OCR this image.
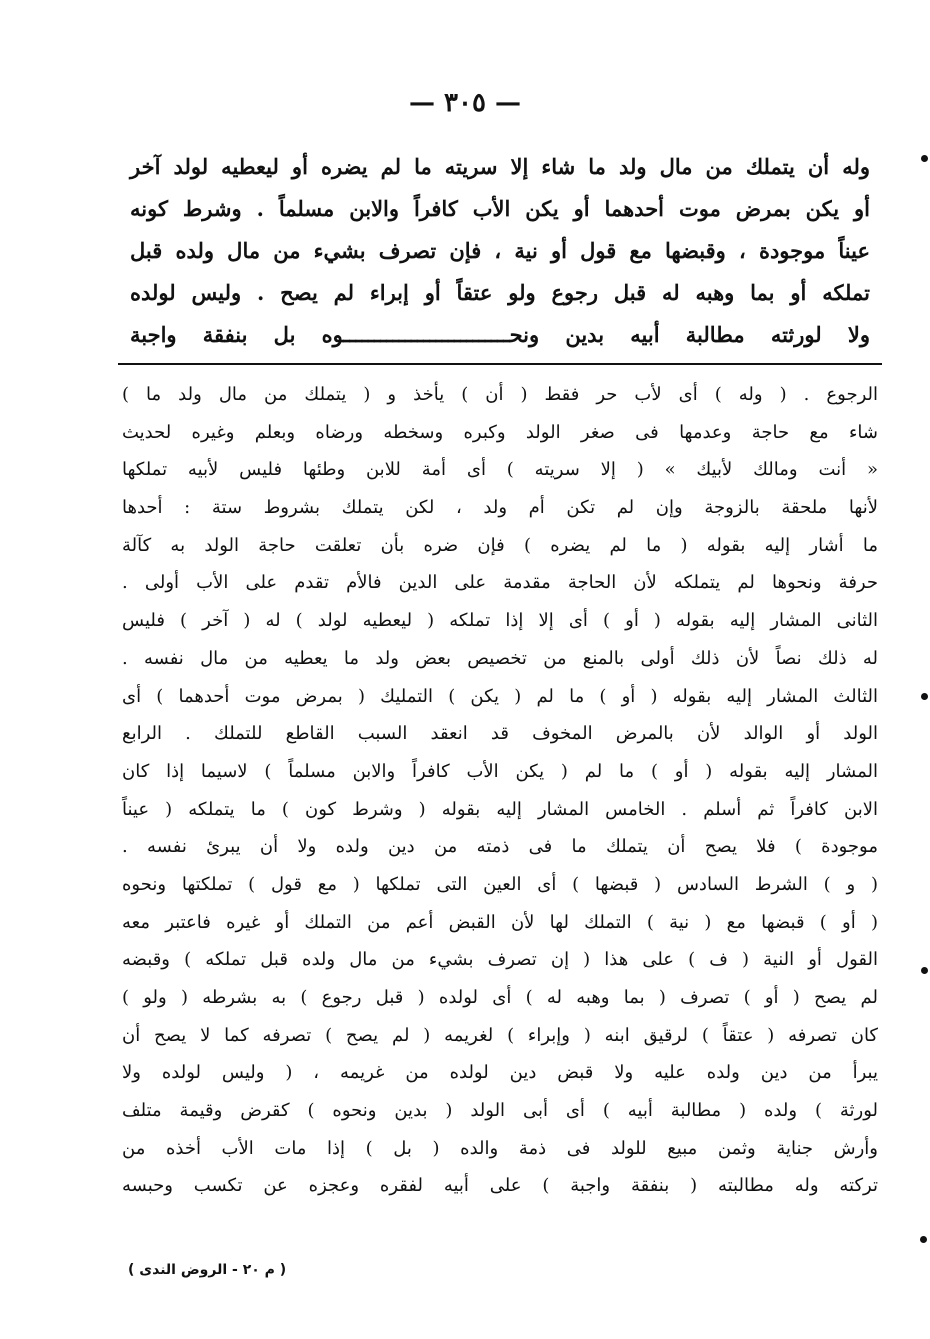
— ٣٠٥ —
وله أن يتملك من مال ولد ما شاء إلا سريته ما لم يضره أو ليعطيه لولد آخر
أو يكن بمرض موت أحدهما أو يكن الأب كافراً والابن مسلماً . وشرط كونه
عيناً موجودة ، وقبضها مع قول أو نية ، فإن تصرف بشيء من مال ولده قبل
تملكه أو بما وهبه له قبل رجوع ولو عتقاً أو إبراء لم يصح . وليس لولده
ولا لورثته مطالبة أبيه بدين ونحـــــــــــــــــــــــــــوه بل بنفقة واجبة
الرجوع . ( وله ) أى لأب حر فقط ( أن ) يأخذ و ( يتملك من مال ولد ما )
شاء مع حاجة وعدمها فى صغر الولد وكبره وسخطه ورضاه وبعلم وغيره لحديث
« أنت ومالك لأبيك » ( إلا سريته ) أى أمة للابن وطئها فليس لأبيه تملكها
لأنها ملحقة بالزوجة وإن لم تكن أم ولد ، لكن يتملك بشروط ستة : أحدها
ما أشار إليه بقوله ( ما لم يضره ) فإن ضره بأن تعلقت حاجة الولد به كآلة
حرفة ونحوها لم يتملكه لأن الحاجة مقدمة على الدين فالأم تقدم على الأب أولى .
الثانى المشار إليه بقوله ( أو ) أى إلا إذا تملكه ( ليعطيه لولد ) له ( آخر ) فليس
له ذلك نصاً لأن ذلك أولى بالمنع من تخصيص بعض ولد ما يعطيه من مال نفسه .
الثالث المشار إليه بقوله ( أو ) ما لم ( يكن ) التمليك ( بمرض موت أحدهما ) أى
الولد أو الوالد لأن بالمرض المخوف قد انعقد السبب القاطع للتملك . الرابع
المشار إليه بقوله ( أو ) ما لم ( يكن الأب كافراً والابن مسلماً ) لاسيما إذا كان
الابن كافراً ثم أسلم . الخامس المشار إليه بقوله ( وشرط كون ) ما يتملكه ( عيناً
موجودة ) فلا يصح أن يتملك ما فى ذمته من دين ولده ولا أن يبرئ نفسه .
( و ) الشرط السادس ( قبضها ) أى العين التى تملكها ( مع قول ) تملكتها ونحوه
( أو ) قبضها مع ( نية ) التملك لها لأن القبض أعم من التملك أو غيره فاعتبر معه
القول أو النية ( ف ) على هذا ( إن تصرف بشيء من مال ولده قبل تملكه ) وقبضه
لم يصح ( أو ) تصرف ( بما وهبه له ) أى لولده ( قبل رجوع ) به بشرطه ( ولو )
كان تصرفه ( عتقاً ) لرقيق ابنه ( وإبراء ) لغريمه ( لم يصح ) تصرفه كما لا يصح أن
يبرأ من دين ولده عليه ولا قبض دين لولده من غريمه ، ( وليس لولده ولا
لورثة ) ولده ( مطالبة أبيه ) أى أبى الولد ( بدين ونحوه ) كقرض وقيمة متلف
وأرش جناية وثمن مبيع للولد فى ذمة والده ( بل ) إذا مات الأب أخذه من
تركته وله مطالبته ( بنفقة واجبة ) على أبيه لفقره وعجزه عن تكسب وحبسه
( م ٢٠ - الروض الندى )
